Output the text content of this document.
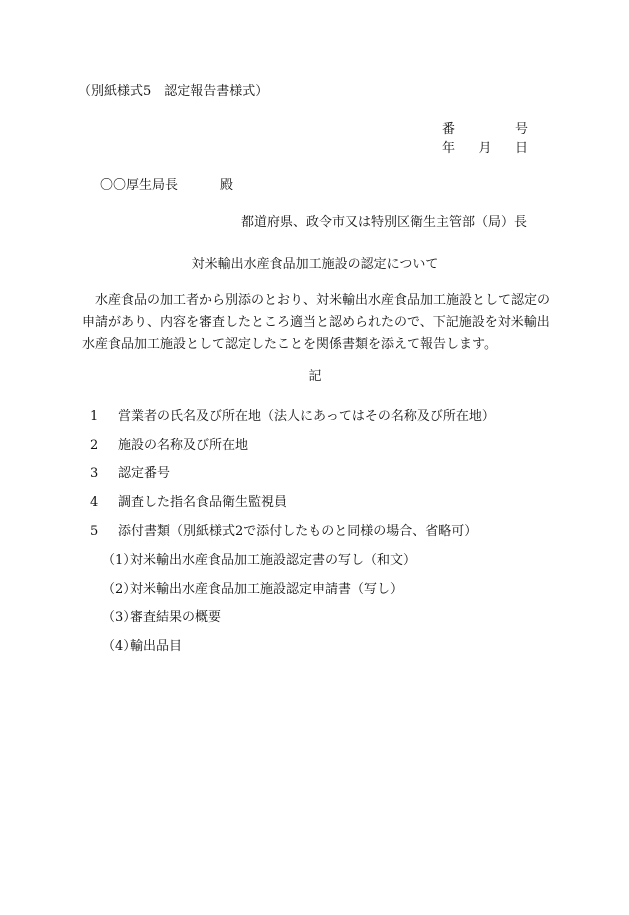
（別紙様式5　認定報告書様式）
番	号
年 月 日
〇〇厚生局長	殿
都道府県、政令市又は特別区衛生主管部（局）長
対米輸出水産食品加工施設の認定について
水産食品の加工者から別添のとおり、対米輸出水産食品加工施設として認定の申請があり、内容を審査したところ適当と認められたので、下記施設を対米輸出水産食品加工施設として認定したことを関係書類を添えて報告します。
記
1 営業者の氏名及び所在地（法人にあってはその名称及び所在地）
2 施設の名称及び所在地
3 認定番号
4 調査した指名食品衛生監視員
5 添付書類（別紙様式2で添付したものと同様の場合、省略可）
（1）対米輸出水産食品加工施設認定書の写し（和文）
（2）対米輸出水産食品加工施設認定申請書（写し）
（3）審査結果の概要
（4）輸出品目
